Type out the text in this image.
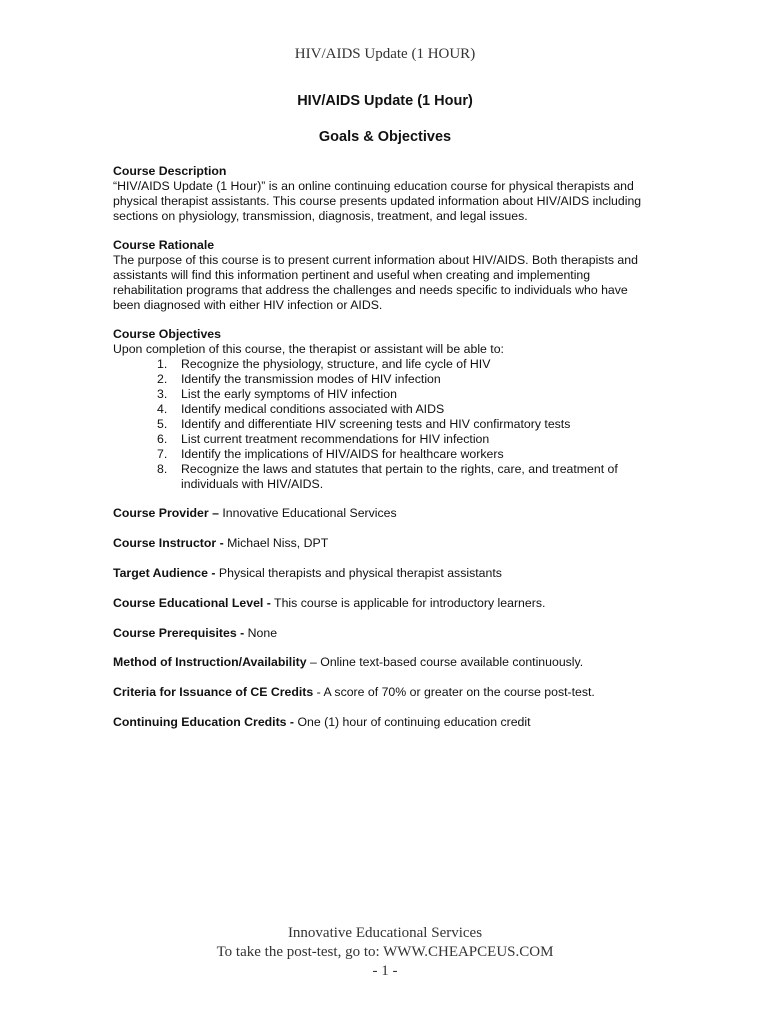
HIV/AIDS Update (1 HOUR)
HIV/AIDS Update (1 Hour)
Goals & Objectives
Course Description
“HIV/AIDS Update (1 Hour)” is an online continuing education course for physical therapists and physical therapist assistants. This course presents updated information about HIV/AIDS including sections on physiology, transmission, diagnosis, treatment, and legal issues.
Course Rationale
The purpose of this course is to present current information about HIV/AIDS. Both therapists and assistants will find this information pertinent and useful when creating and implementing rehabilitation programs that address the challenges and needs specific to individuals who have been diagnosed with either HIV infection or AIDS.
Course Objectives
Upon completion of this course, the therapist or assistant will be able to:
1.	Recognize the physiology, structure, and life cycle of HIV
2.	Identify the transmission modes of HIV infection
3.	List the early symptoms of HIV infection
4.	Identify medical conditions associated with AIDS
5.	Identify and differentiate HIV screening tests and HIV confirmatory tests
6.	List current treatment recommendations for HIV infection
7.	Identify the implications of HIV/AIDS for healthcare workers
8.	Recognize the laws and statutes that pertain to the rights, care, and treatment of individuals with HIV/AIDS.
Course Provider – Innovative Educational Services
Course Instructor - Michael Niss, DPT
Target Audience - Physical therapists and physical therapist assistants
Course Educational Level - This course is applicable for introductory learners.
Course Prerequisites - None
Method of Instruction/Availability – Online text-based course available continuously.
Criteria for Issuance of CE Credits - A score of 70% or greater on the course post-test.
Continuing Education Credits - One (1) hour of continuing education credit
Innovative Educational Services
To take the post-test, go to: WWW.CHEAPCEUS.COM
- 1 -
